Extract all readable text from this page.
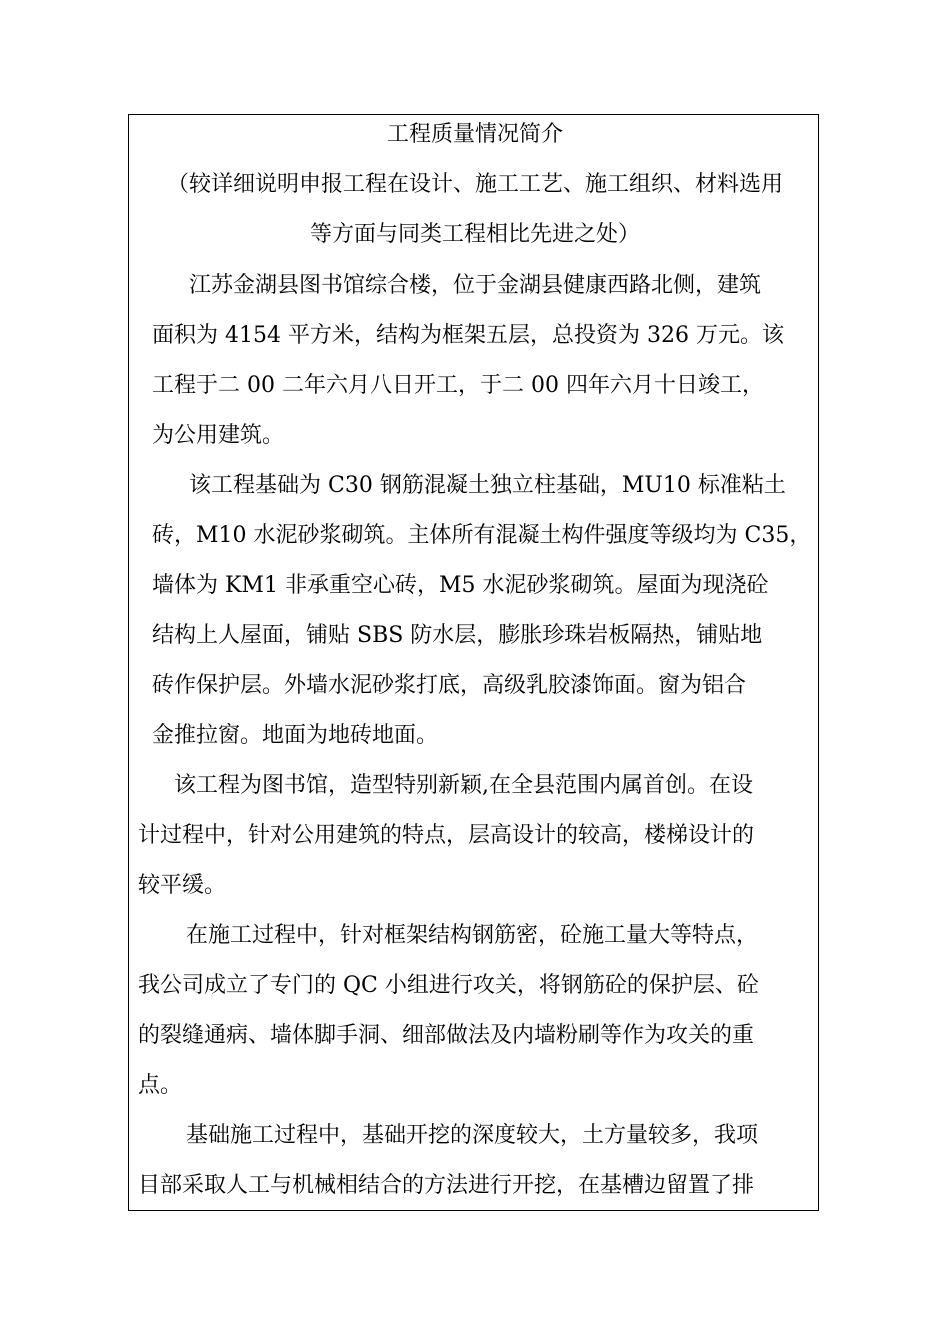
工程质量情况简介
（较详细说明申报工程在设计、施工工艺、施工组织、材料选用
等方面与同类工程相比先进之处）
江苏金湖县图书馆综合楼，位于金湖县健康西路北侧，建筑
面积为 4154 平方米，结构为框架五层，总投资为 326 万元。该
工程于二 00 二年六月八日开工，于二 00 四年六月十日竣工，
为公用建筑。
该工程基础为 C30 钢筋混凝土独立柱基础，MU10 标准粘土
砖，M10 水泥砂浆砌筑。主体所有混凝土构件强度等级均为 C35，
墙体为 KM1 非承重空心砖，M5 水泥砂浆砌筑。屋面为现浇砼
结构上人屋面，铺贴 SBS 防水层，膨胀珍珠岩板隔热，铺贴地
砖作保护层。外墙水泥砂浆打底，高级乳胶漆饰面。窗为铝合
金推拉窗。地面为地砖地面。
该工程为图书馆，造型特别新颖,在全县范围内属首创。在设
计过程中，针对公用建筑的特点，层高设计的较高，楼梯设计的
较平缓。
在施工过程中，针对框架结构钢筋密，砼施工量大等特点，
我公司成立了专门的 QC 小组进行攻关，将钢筋砼的保护层、砼
的裂缝通病、墙体脚手洞、细部做法及内墙粉刷等作为攻关的重
点。
基础施工过程中，基础开挖的深度较大，土方量较多，我项
目部采取人工与机械相结合的方法进行开挖，在基槽边留置了排
